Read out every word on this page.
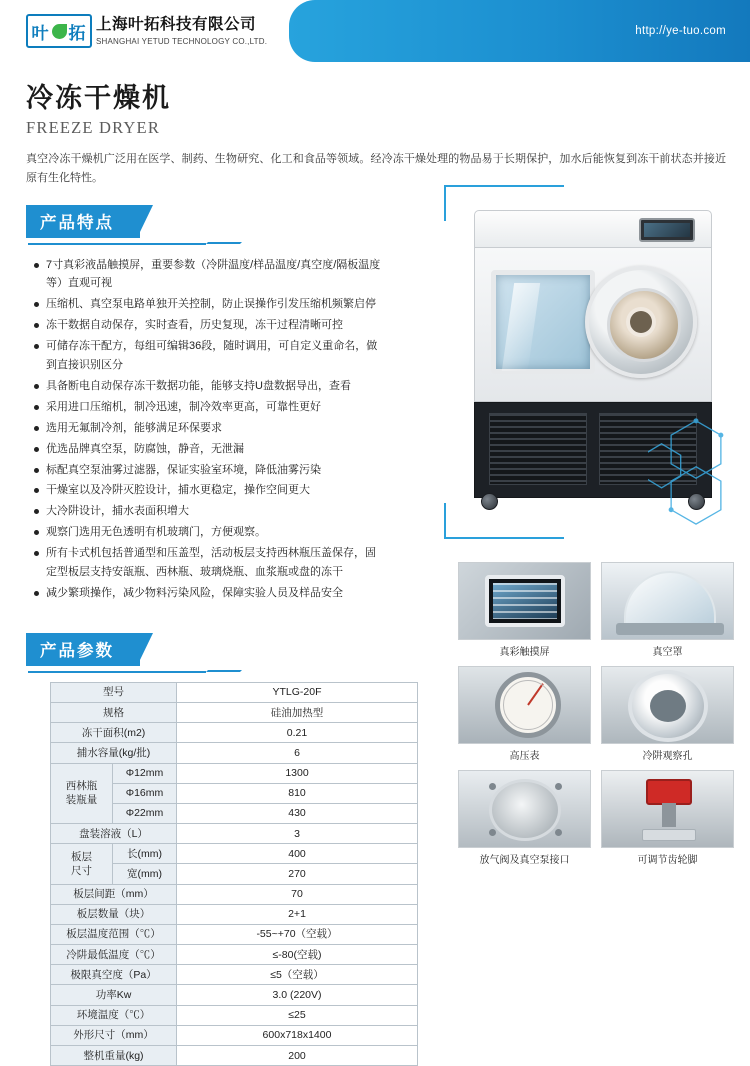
叶 拓 上海叶拓科技有限公司
SHANGHAI YETUD TECHNOLOGY CO.,LTD.
http://ye-tuo.com
冷冻干燥机
FREEZE DRYER
真空冷冻干燥机广泛用在医学、制药、生物研究、化工和食品等领域。经冷冻干燥处理的物品易于长期保护，加水后能恢复到冻干前状态并接近原有生化特性。
产品特点
7寸真彩液晶触摸屏，重要参数（冷阱温度/样品温度/真空度/隔板温度等）直观可视
压缩机、真空泵电路单独开关控制，防止误操作引发压缩机频繁启停
冻干数据自动保存，实时查看，历史复现，冻干过程清晰可控
可储存冻干配方，每组可编辑36段，随时调用，可自定义重命名，做到直接识别区分
具备断电自动保存冻干数据功能，能够支持U盘数据导出，查看
采用进口压缩机，制冷迅速，制冷效率更高，可靠性更好
选用无氟制冷剂，能够满足环保要求
优选品牌真空泵，防腐蚀，静音，无泄漏
标配真空泵油雾过滤器，保证实验室环境，降低油雾污染
干燥室以及冷阱灭腔设计，捕水更稳定，操作空间更大
大冷阱设计，捕水表面积增大
观察门选用无色透明有机玻璃门，方便观察。
所有卡式机包括普通型和压盖型，活动板层支持西林瓶压盖保存，固定型板层支持安瓿瓶、西林瓶、玻璃烧瓶、血浆瓶或盘的冻干
减少繁琐操作，减少物料污染风险，保障实验人员及样品安全
产品参数
型号		YTLG-20F
规格		硅油加热型
冻干面积(m2)		0.21
捕水容量(kg/批)		6
西林瓶
装瓶量	Φ12mm	1300
	Φ16mm	810
	Φ22mm	430
盘装溶液（L）		3
板层
尺寸	长(mm)	400
	宽(mm)	270
板层间距（mm）		70
板层数量（块）		2+1
板层温度范围（℃）		-55~+70（空载）
冷阱最低温度（℃）		≤-80(空载)
极限真空度（Pa）		≤5（空载）
功率Kw		3.0 (220V)
环境温度（℃）		≤25
外形尺寸（mm）		600x718x1400
整机重量(kg)		200
真彩触摸屏	真空罩
高压表	冷阱观察孔
放气阀及真空泵接口	可调节齿轮脚
